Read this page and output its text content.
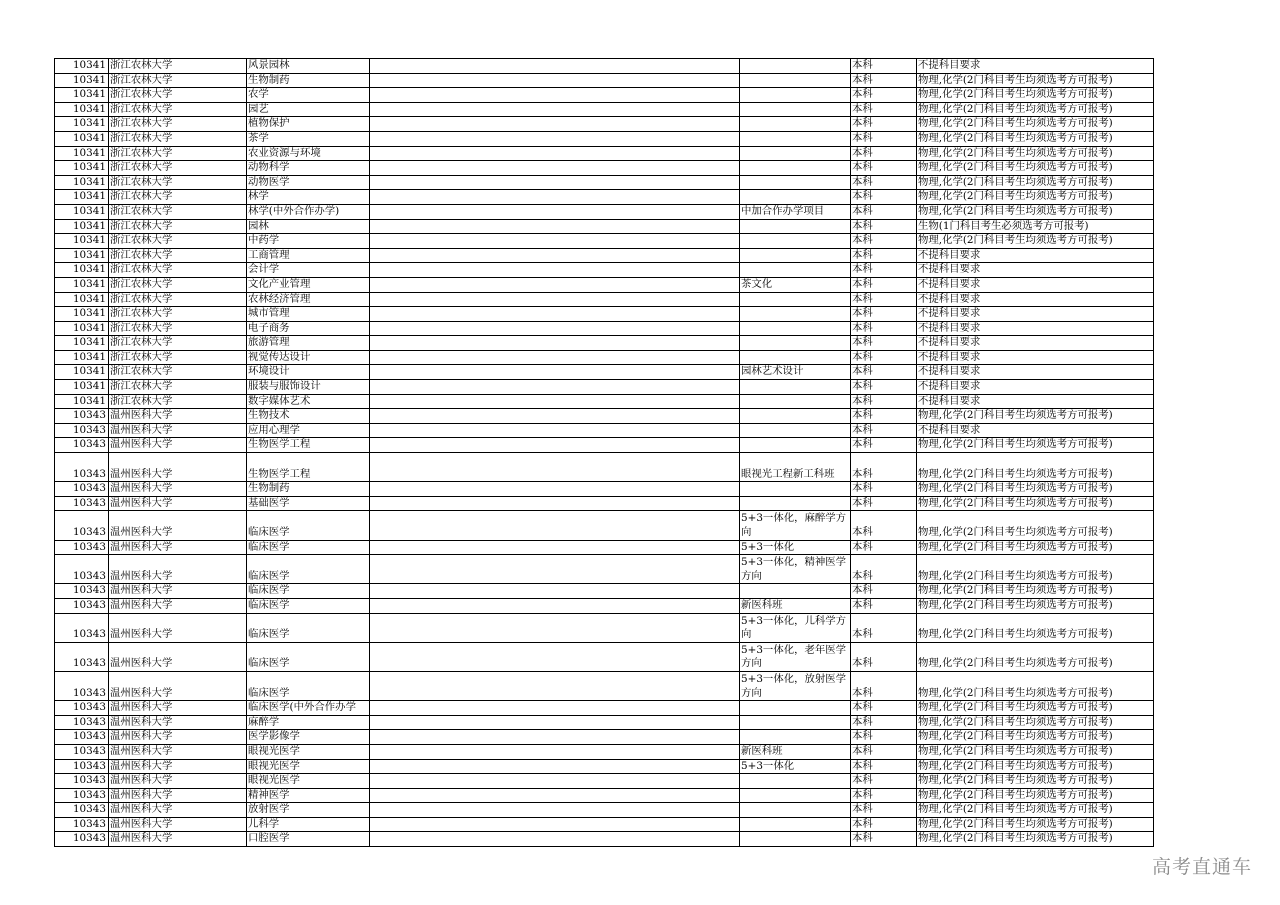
10341	浙江农林大学	风景园林			本科	不提科目要求
10341	浙江农林大学	生物制药			本科	物理,化学(2门科目考生均须选考方可报考)
10341	浙江农林大学	农学			本科	物理,化学(2门科目考生均须选考方可报考)
10341	浙江农林大学	园艺			本科	物理,化学(2门科目考生均须选考方可报考)
10341	浙江农林大学	植物保护			本科	物理,化学(2门科目考生均须选考方可报考)
10341	浙江农林大学	茶学			本科	物理,化学(2门科目考生均须选考方可报考)
10341	浙江农林大学	农业资源与环境			本科	物理,化学(2门科目考生均须选考方可报考)
10341	浙江农林大学	动物科学			本科	物理,化学(2门科目考生均须选考方可报考)
10341	浙江农林大学	动物医学			本科	物理,化学(2门科目考生均须选考方可报考)
10341	浙江农林大学	林学			本科	物理,化学(2门科目考生均须选考方可报考)
10341	浙江农林大学	林学(中外合作办学)		中加合作办学项目	本科	物理,化学(2门科目考生均须选考方可报考)
10341	浙江农林大学	园林			本科	生物(1门科目考生必须选考方可报考)
10341	浙江农林大学	中药学			本科	物理,化学(2门科目考生均须选考方可报考)
10341	浙江农林大学	工商管理			本科	不提科目要求
10341	浙江农林大学	会计学			本科	不提科目要求
10341	浙江农林大学	文化产业管理		茶文化	本科	不提科目要求
10341	浙江农林大学	农林经济管理			本科	不提科目要求
10341	浙江农林大学	城市管理			本科	不提科目要求
10341	浙江农林大学	电子商务			本科	不提科目要求
10341	浙江农林大学	旅游管理			本科	不提科目要求
10341	浙江农林大学	视觉传达设计			本科	不提科目要求
10341	浙江农林大学	环境设计		园林艺术设计	本科	不提科目要求
10341	浙江农林大学	服装与服饰设计			本科	不提科目要求
10341	浙江农林大学	数字媒体艺术			本科	不提科目要求
10343	温州医科大学	生物技术			本科	物理,化学(2门科目考生均须选考方可报考)
10343	温州医科大学	应用心理学			本科	不提科目要求
10343	温州医科大学	生物医学工程			本科	物理,化学(2门科目考生均须选考方可报考)
10343	温州医科大学	生物医学工程		眼视光工程新工科班	本科	物理,化学(2门科目考生均须选考方可报考)
10343	温州医科大学	生物制药			本科	物理,化学(2门科目考生均须选考方可报考)
10343	温州医科大学	基础医学			本科	物理,化学(2门科目考生均须选考方可报考)
10343	温州医科大学	临床医学		5+3一体化，麻醉学方向	本科	物理,化学(2门科目考生均须选考方可报考)
10343	温州医科大学	临床医学		5+3一体化	本科	物理,化学(2门科目考生均须选考方可报考)
10343	温州医科大学	临床医学		5+3一体化，精神医学方向	本科	物理,化学(2门科目考生均须选考方可报考)
10343	温州医科大学	临床医学			本科	物理,化学(2门科目考生均须选考方可报考)
10343	温州医科大学	临床医学		新医科班	本科	物理,化学(2门科目考生均须选考方可报考)
10343	温州医科大学	临床医学		5+3一体化，儿科学方向	本科	物理,化学(2门科目考生均须选考方可报考)
10343	温州医科大学	临床医学		5+3一体化，老年医学方向	本科	物理,化学(2门科目考生均须选考方可报考)
10343	温州医科大学	临床医学		5+3一体化，放射医学方向	本科	物理,化学(2门科目考生均须选考方可报考)
10343	温州医科大学	临床医学(中外合作办学			本科	物理,化学(2门科目考生均须选考方可报考)
10343	温州医科大学	麻醉学			本科	物理,化学(2门科目考生均须选考方可报考)
10343	温州医科大学	医学影像学			本科	物理,化学(2门科目考生均须选考方可报考)
10343	温州医科大学	眼视光医学		新医科班	本科	物理,化学(2门科目考生均须选考方可报考)
10343	温州医科大学	眼视光医学		5+3一体化	本科	物理,化学(2门科目考生均须选考方可报考)
10343	温州医科大学	眼视光医学			本科	物理,化学(2门科目考生均须选考方可报考)
10343	温州医科大学	精神医学			本科	物理,化学(2门科目考生均须选考方可报考)
10343	温州医科大学	放射医学			本科	物理,化学(2门科目考生均须选考方可报考)
10343	温州医科大学	儿科学			本科	物理,化学(2门科目考生均须选考方可报考)
10343	温州医科大学	口腔医学			本科	物理,化学(2门科目考生均须选考方可报考)
高考直通车
